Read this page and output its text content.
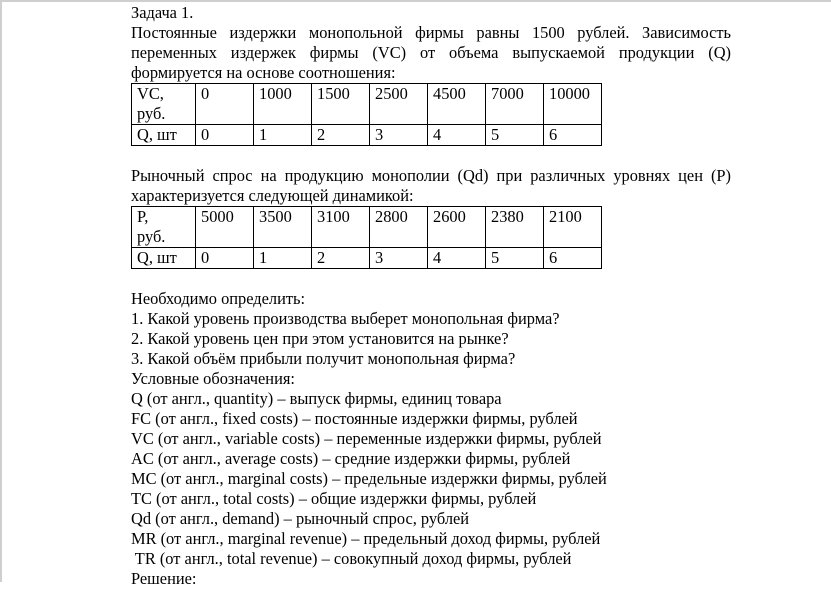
Задача 1.
Постоянные издержки монопольной фирмы равны 1500 рублей. Зависимость
переменных издержек фирмы (VC) от объема выпускаемой продукции (Q)
формируется на основе соотношения:
VC,
руб.	0	1000	1500	2500	4500	7000	10000
Q, шт	0	1	2	3	4	5	6
Рыночный спрос на продукцию монополии (Qd) при различных уровнях цен (P)
характеризуется следующей динамикой:
P,
руб.	5000	3500	3100	2800	2600	2380	2100
Q, шт	0	1	2	3	4	5	6
Необходимо определить:
1. Какой уровень производства выберет монопольная фирма?
2. Какой уровень цен при этом установится на рынке?
3. Какой объём прибыли получит монопольная фирма?
Условные обозначения:
Q (от англ., quantity) – выпуск фирмы, единиц товара
FC (от англ., fixed costs) – постоянные издержки фирмы, рублей
VC (от англ., variable costs) – переменные издержки фирмы, рублей
AC (от англ., average costs) – средние издержки фирмы, рублей
MC (от англ., marginal costs) – предельные издержки фирмы, рублей
TC (от англ., total costs) – общие издержки фирмы, рублей
Qd (от англ., demand) – рыночный спрос, рублей
MR (от англ., marginal revenue) – предельный доход фирмы, рублей
TR (от англ., total revenue) – совокупный доход фирмы, рублей
Решение:
